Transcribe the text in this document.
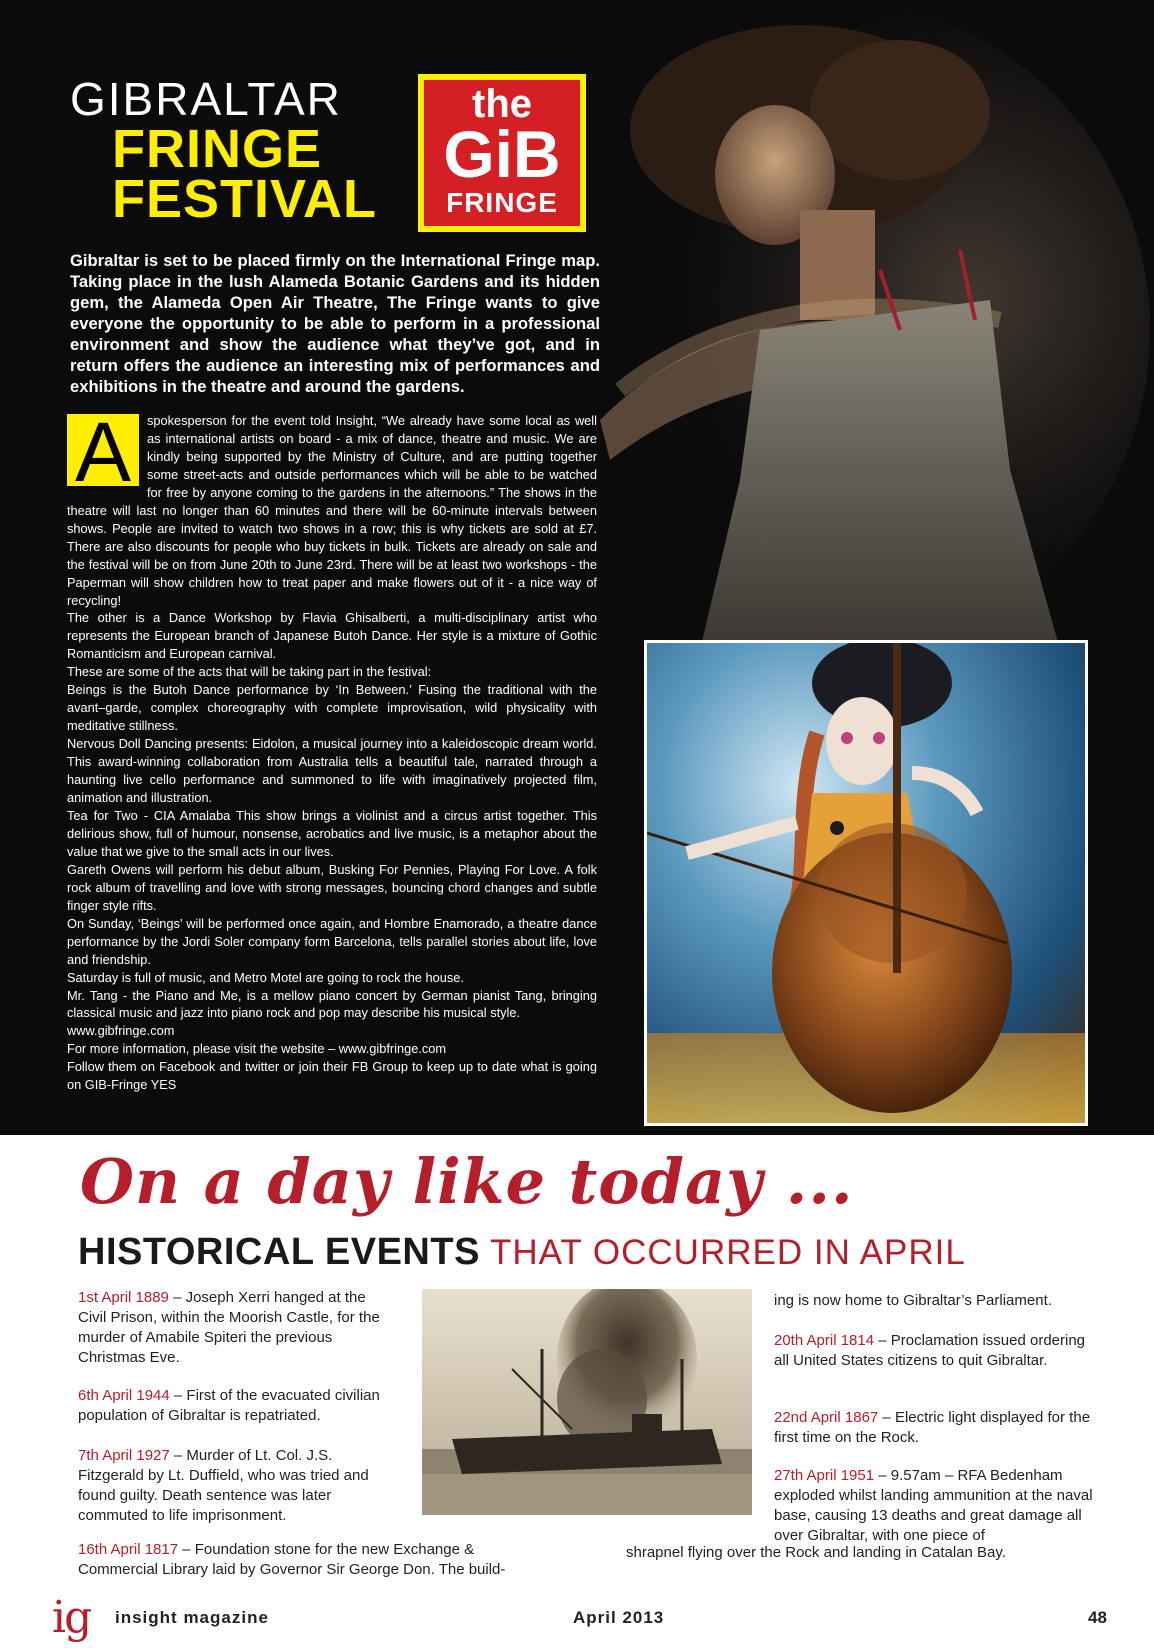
GIBRALTAR
FRINGE
FESTIVAL
the
GiB
FRINGE

Gibraltar is set to be placed firmly on the International Fringe map. Taking place in the lush Alameda Botanic Gardens and its hidden gem, the Alameda Open Air Theatre, The Fringe wants to give everyone the opportunity to be able to perform in a professional environment and show the audience what they’ve got, and in return offers the audience an interesting mix of performances and exhibitions in the theatre and around the gardens.

A	spokesperson for the event told Insight, “We already have some local as well as international artists on board - a mix of dance, theatre and music. We are kindly being supported by the Ministry of Culture, and are putting together some street-acts and outside performances which will be able to be watched for free by anyone coming to the gardens in the afternoons.” The shows in the theatre will last no longer than 60 minutes and there will be 60-minute intervals between shows. People are invited to watch two shows in a row; this is why tickets are sold at £7. There are also discounts for people who buy tickets in bulk. Tickets are already on sale and the festival will be on from June 20th to June 23rd. There will be at least two workshops - the Paperman will show children how to treat paper and make flowers out of it - a nice way of recycling!

The other is a Dance Workshop by Flavia Ghisalberti, a multi-disciplinary artist who represents the European branch of Japanese Butoh Dance. Her style is a mixture of Gothic Romanticism and European carnival.

These are some of the acts that will be taking part in the festival:

Beings is the Butoh Dance performance by ‘In Between.’ Fusing the traditional with the avant–garde, complex choreography with complete improvisation, wild physicality with meditative stillness.

Nervous Doll Dancing presents: Eidolon, a musical journey into a kaleidoscopic dream world. This award-winning collaboration from Australia tells a beautiful tale, narrated through a haunting live cello performance and summoned to life with imaginatively projected film, animation and illustration.

Tea for Two - CIA Amalaba This show brings a violinist and a circus artist together. This delirious show, full of humour, nonsense, acrobatics and live music, is a metaphor about the value that we give to the small acts in our lives.

Gareth Owens will perform his debut album, Busking For Pennies, Playing For Love. A folk rock album of travelling and love with strong messages, bouncing chord changes and subtle finger style rifts.

On Sunday, ‘Beings’ will be performed once again, and Hombre Enamorado, a theatre dance performance by the Jordi Soler company form Barcelona, tells parallel stories about life, love and friendship.

Saturday is full of music, and Metro Motel are going to rock the house.

Mr. Tang - the Piano and Me, is a mellow piano concert by German pianist Tang, bringing classical music and jazz into piano rock and pop may describe his musical style.

www.gibfringe.com

For more information, please visit the website – www.gibfringe.com

Follow them on Facebook and twitter or join their FB Group to keep up to date what is going on GIB-Fringe YES

On a day like today ...
HISTORICAL EVENTS THAT OCCURRED IN APRIL

1st April 1889 – Joseph Xerri hanged at the Civil Prison, within the Moorish Castle, for the murder of Amabile Spiteri the previous Christmas Eve.

6th April 1944 – First of the evacuated civilian population of Gibraltar is repatriated.

7th April 1927 – Murder of Lt. Col. J.S. Fitzgerald by Lt. Duffield, who was tried and found guilty. Death sentence was later commuted to life imprisonment.

16th April 1817 – Foundation stone for the new Exchange & Commercial Library laid by Governor Sir George Don. The build-

ing is now home to Gibraltar’s Parliament.

20th April 1814 – Proclamation issued ordering all United States citizens to quit Gibraltar.

22nd April 1867 – Electric light displayed for the first time on the Rock.

27th April 1951 – 9.57am – RFA Bedenham exploded whilst landing ammunition at the naval base, causing 13 deaths and great damage all over Gibraltar, with one piece of

shrapnel flying over the Rock and landing in Catalan Bay.

ig insight magazine	April 2013	48
